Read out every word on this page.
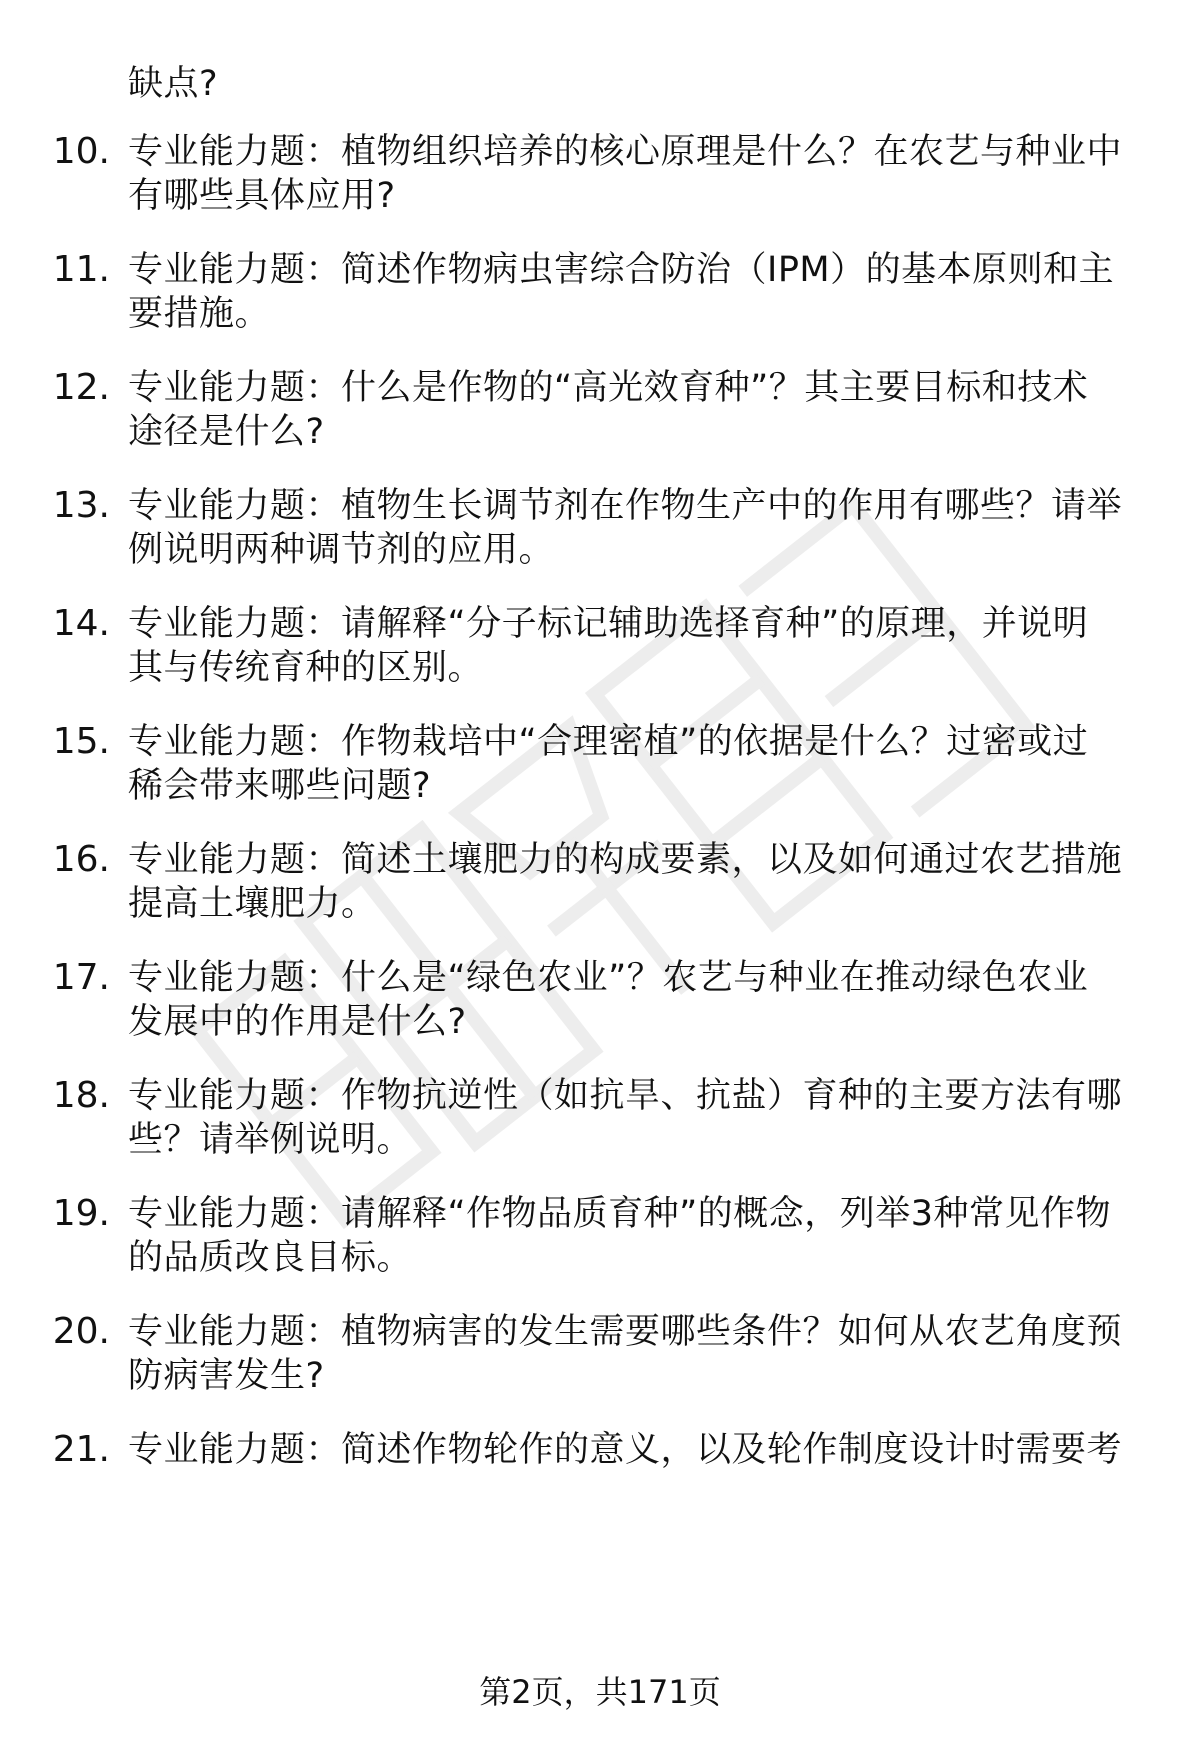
缺点?
10. 专业能力题：植物组织培养的核心原理是什么？在农艺与种业中
有哪些具体应用?
11. 专业能力题：简述作物病虫害综合防治（IPM）的基本原则和主
要措施。
12. 专业能力题：什么是作物的“高光效育种”？其主要目标和技术
途径是什么?
13. 专业能力题：植物生长调节剂在作物生产中的作用有哪些？请举
例说明两种调节剂的应用。
14. 专业能力题：请解释“分子标记辅助选择育种”的原理，并说明
其与传统育种的区别。
15. 专业能力题：作物栽培中“合理密植”的依据是什么？过密或过
稀会带来哪些问题?
16. 专业能力题：简述土壤肥力的构成要素，以及如何通过农艺措施
提高土壤肥力。
17. 专业能力题：什么是“绿色农业”？农艺与种业在推动绿色农业
发展中的作用是什么?
18. 专业能力题：作物抗逆性（如抗旱、抗盐）育种的主要方法有哪
些？请举例说明。
19. 专业能力题：请解释“作物品质育种”的概念，列举3种常见作物
的品质改良目标。
20. 专业能力题：植物病害的发生需要哪些条件？如何从农艺角度预
防病害发生?
21. 专业能力题：简述作物轮作的意义，以及轮作制度设计时需要考
第2页，共171页
